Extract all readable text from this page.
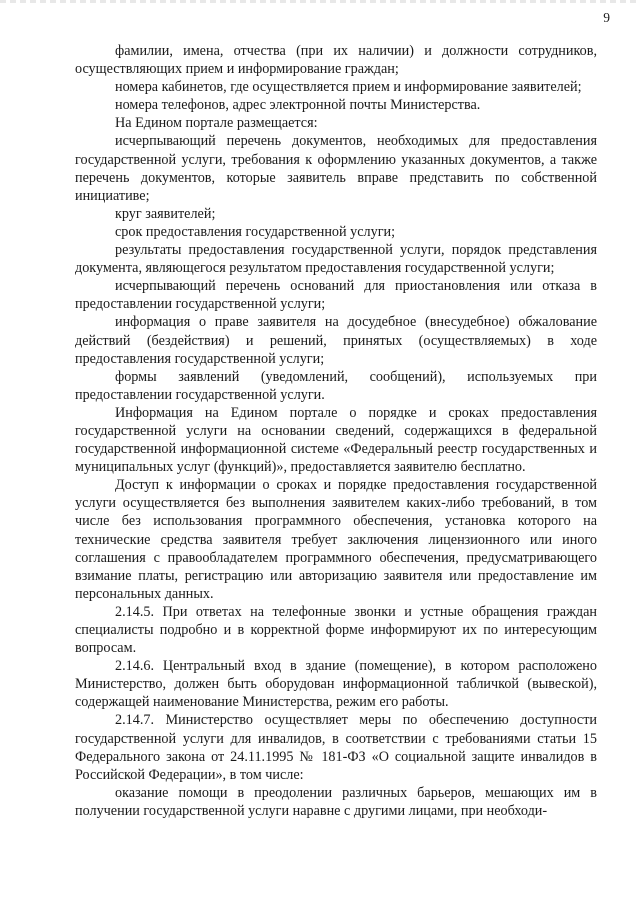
9

фамилии, имена, отчества (при их наличии) и должности сотрудников, осуществляющих прием и информирование граждан;

номера кабинетов, где осуществляется прием и информирование заявителей;

номера телефонов, адрес электронной почты Министерства.

На Едином портале размещается:

исчерпывающий перечень документов, необходимых для предоставления государственной услуги, требования к оформлению указанных документов, а также перечень документов, которые заявитель вправе представить по собственной инициативе;

круг заявителей;

срок предоставления государственной услуги;

результаты предоставления государственной услуги, порядок представления документа, являющегося результатом предоставления государственной услуги;

исчерпывающий перечень оснований для приостановления или отказа в предоставлении государственной услуги;

информация о праве заявителя на досудебное (внесудебное) обжалование действий (бездействия) и решений, принятых (осуществляемых) в ходе предоставления государственной услуги;

формы заявлений (уведомлений, сообщений), используемых при предоставлении государственной услуги.

Информация на Едином портале о порядке и сроках предоставления государственной услуги на основании сведений, содержащихся в федеральной государственной информационной системе «Федеральный реестр государственных и муниципальных услуг (функций)», предоставляется заявителю бесплатно.

Доступ к информации о сроках и порядке предоставления государственной услуги осуществляется без выполнения заявителем каких-либо требований, в том числе без использования программного обеспечения, установка которого на технические средства заявителя требует заключения лицензионного или иного соглашения с правообладателем программного обеспечения, предусматривающего взимание платы, регистрацию или авторизацию заявителя или предоставление им персональных данных.

2.14.5. При ответах на телефонные звонки и устные обращения граждан специалисты подробно и в корректной форме информируют их по интересующим вопросам.

2.14.6. Центральный вход в здание (помещение), в котором расположено Министерство, должен быть оборудован информационной табличкой (вывеской), содержащей наименование Министерства, режим его работы.

2.14.7. Министерство осуществляет меры по обеспечению доступности государственной услуги для инвалидов, в соответствии с требованиями статьи 15 Федерального закона от 24.11.1995 № 181-ФЗ «О социальной защите инвалидов в Российской Федерации», в том числе:

оказание помощи в преодолении различных барьеров, мешающих им в получении государственной услуги наравне с другими лицами, при необходи-
